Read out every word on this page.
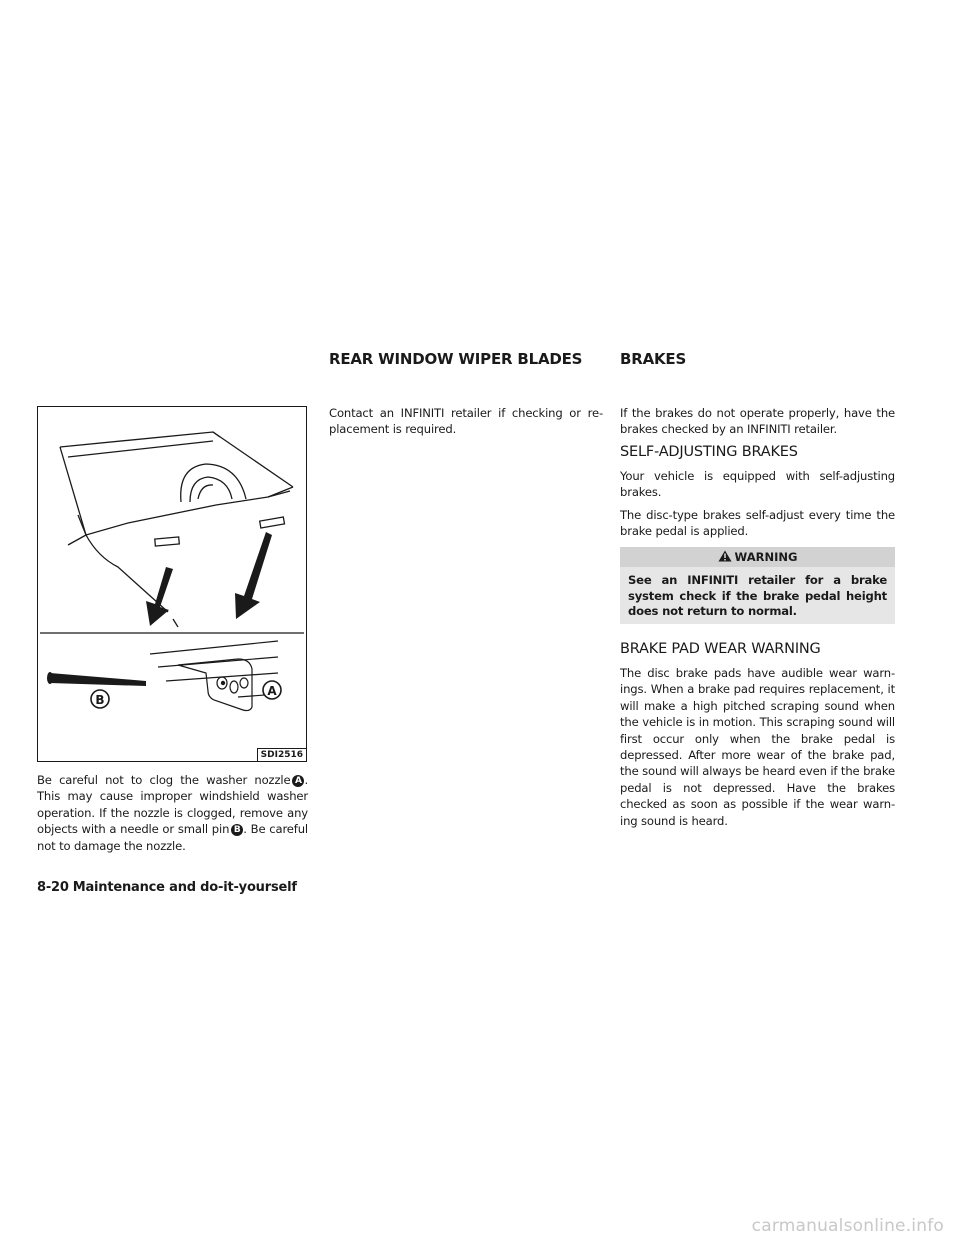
REAR WINDOW WIPER BLADES	BRAKES
B
A
SDI2516
Be careful not to clog the washer nozzle A . This may cause improper windshield washer operation. If the nozzle is clogged, remove any objects with a needle or small pin B . Be careful not to damage the nozzle.
Contact an INFINITI retailer if checking or re-placement is required.
If the brakes do not operate properly, have the brakes checked by an INFINITI retailer.
SELF-ADJUSTING BRAKES
Your vehicle is equipped with self-adjusting brakes.
The disc-type brakes self-adjust every time the brake pedal is applied.
WARNING
See an INFINITI retailer for a brake system check if the brake pedal height does not return to normal.
BRAKE PAD WEAR WARNING
The disc brake pads have audible wear warn-ings. When a brake pad requires replacement, it will make a high pitched scraping sound when the vehicle is in motion. This scraping sound will first occur only when the brake pedal is depressed. After more wear of the brake pad, the sound will always be heard even if the brake pedal is not depressed. Have the brakes checked as soon as possible if the wear warn-ing sound is heard.
8-20 Maintenance and do-it-yourself
carmanualsonline.info
